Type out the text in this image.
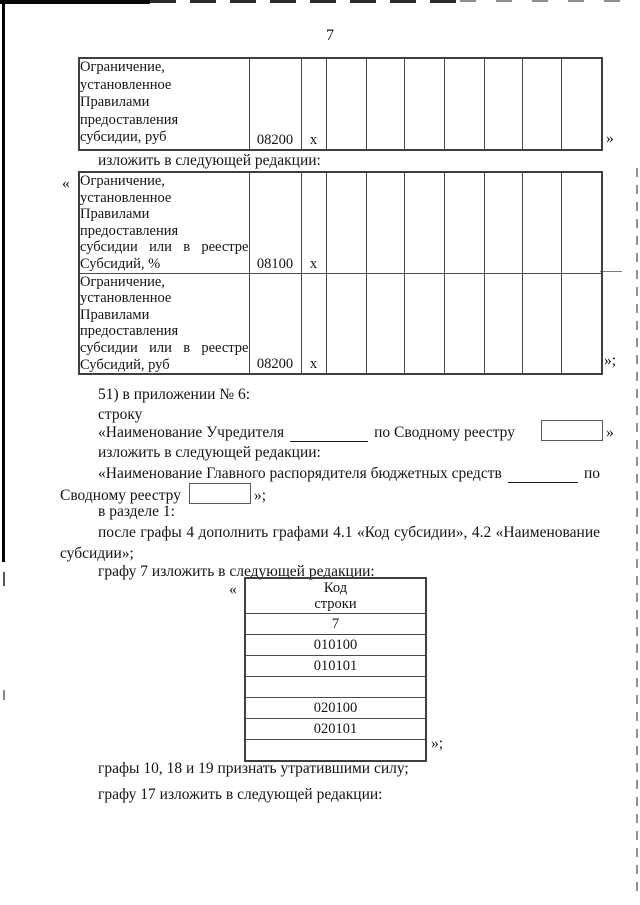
7
Ограничение,
установленное
Правилами
предоставления
субсидии, руб	08200	х								»
изложить в следующей редакции:
« Ограничение,
установленное
Правилами
предоставления
субсидии или в реестре
Субсидий, %	08100	х							

Ограничение,
установленное
Правилами
предоставления
субсидии или в реестре
Субсидий, руб	08200	х								»;
51) в приложении № 6:
строку
«Наименование Учредителя	по Сводному реестру	»
изложить в следующей редакции:
«Наименование Главного распорядителя бюджетных средств	по
Сводному реестру	»;
в разделе 1:
после графы 4 дополнить графами 4.1 «Код субсидии», 4.2 «Наименование
субсидии»;
графу 7 изложить в следующей редакции:
«	Код
строки

7
010100
010101

020100
020101

»;
графы 10, 18 и 19 признать утратившими силу;
графу 17 изложить в следующей редакции:
